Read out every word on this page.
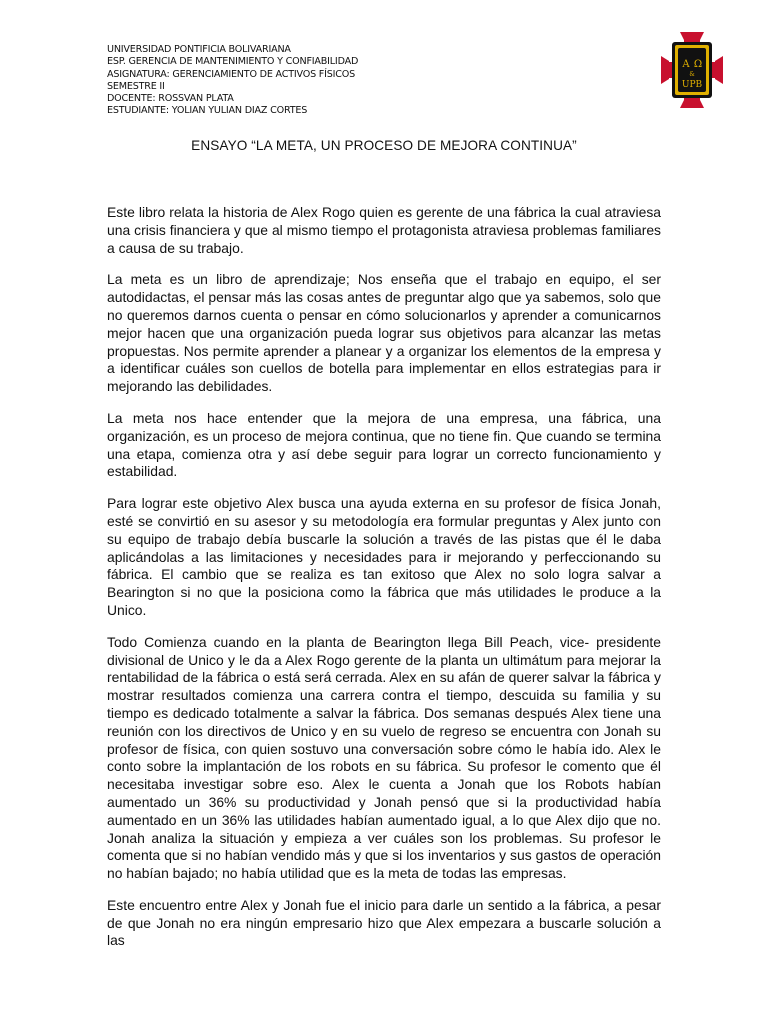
UNIVERSIDAD PONTIFICIA BOLIVARIANA
ESP. GERENCIA DE MANTENIMIENTO Y CONFIABILIDAD
ASIGNATURA: GERENCIAMIENTO DE ACTIVOS FÍSICOS
SEMESTRE II
DOCENTE: ROSSVAN PLATA
ESTUDIANTE: YOLIAN YULIAN DIAZ CORTES
A Ω
&
UPB
ENSAYO “LA META, UN PROCESO DE MEJORA CONTINUA”

Este libro relata la historia de Alex Rogo quien es gerente de una fábrica la cual atraviesa una crisis financiera y que al mismo tiempo el protagonista atraviesa problemas familiares a causa de su trabajo.

La meta es un libro de aprendizaje; Nos enseña que el trabajo en equipo, el ser autodidactas, el pensar más las cosas antes de preguntar algo que ya sabemos, solo que no queremos darnos cuenta o pensar en cómo solucionarlos y aprender a comunicarnos mejor hacen que una organización pueda lograr sus objetivos para alcanzar las metas propuestas. Nos permite aprender a planear y a organizar los elementos de la empresa y a identificar cuáles son cuellos de botella para implementar en ellos estrategias para ir mejorando las debilidades.

La meta nos hace entender que la mejora de una empresa, una fábrica, una organización, es un proceso de mejora continua, que no tiene fin. Que cuando se termina una etapa, comienza otra y así debe seguir para lograr un correcto funcionamiento y estabilidad.

Para lograr este objetivo Alex busca una ayuda externa en su profesor de física Jonah, esté se convirtió en su asesor y su metodología era formular preguntas y Alex junto con su equipo de trabajo debía buscarle la solución a través de las pistas que él le daba aplicándolas a las limitaciones y necesidades para ir mejorando y perfeccionando su fábrica. El cambio que se realiza es tan exitoso que Alex no solo logra salvar a Bearington si no que la posiciona como la fábrica que más utilidades le produce a la Unico.

Todo Comienza cuando en la planta de Bearington llega Bill Peach, vice- presidente divisional de Unico y le da a Alex Rogo gerente de la planta un ultimátum para mejorar la rentabilidad de la fábrica o está será cerrada. Alex en su afán de querer salvar la fábrica y mostrar resultados comienza una carrera contra el tiempo, descuida su familia y su tiempo es dedicado totalmente a salvar la fábrica. Dos semanas después Alex tiene una reunión con los directivos de Unico y en su vuelo de regreso se encuentra con Jonah su profesor de física, con quien sostuvo una conversación sobre cómo le había ido. Alex le conto sobre la implantación de los robots en su fábrica. Su profesor le comento que él necesitaba investigar sobre eso. Alex le cuenta a Jonah que los Robots habían aumentado un 36% su productividad y Jonah pensó que si la productividad había aumentado en un 36% las utilidades habían aumentado igual, a lo que Alex dijo que no. Jonah analiza la situación y empieza a ver cuáles son los problemas. Su profesor le comenta que si no habían vendido más y que si los inventarios y sus gastos de operación no habían bajado; no había utilidad que es la meta de todas las empresas.

Este encuentro entre Alex y Jonah fue el inicio para darle un sentido a la fábrica, a pesar de que Jonah no era ningún empresario hizo que Alex empezara a buscarle solución a las
